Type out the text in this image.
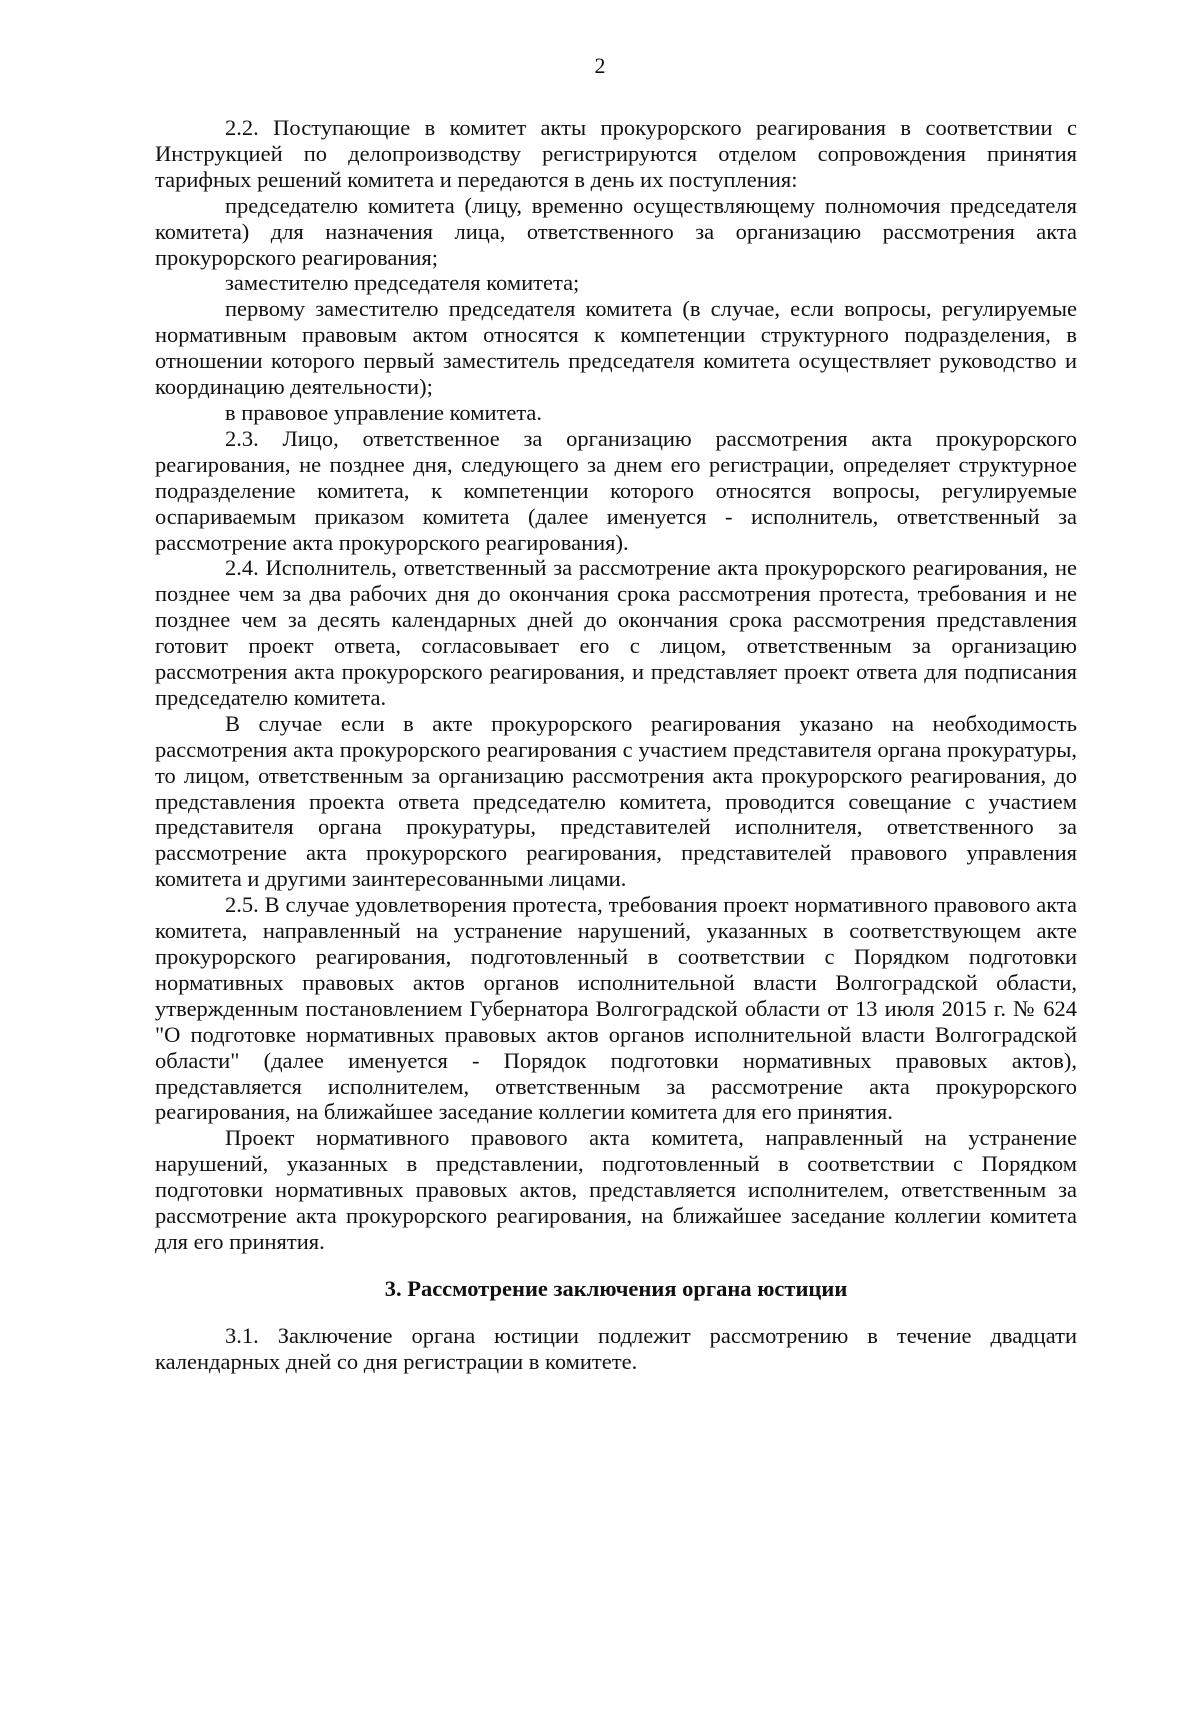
2

2.2. Поступающие в комитет акты прокурорского реагирования в соответствии с Инструкцией по делопроизводству регистрируются отделом сопровождения принятия тарифных решений комитета и передаются в день их поступления:

председателю комитета (лицу, временно осуществляющему полномочия председателя комитета) для назначения лица, ответственного за организацию рассмотрения акта прокурорского реагирования;

заместителю председателя комитета;

первому заместителю председателя комитета (в случае, если вопросы, регулируемые нормативным правовым актом относятся к компетенции структурного подразделения, в отношении которого первый заместитель председателя комитета осуществляет руководство и координацию деятельности);

в правовое управление комитета.

2.3. Лицо, ответственное за организацию рассмотрения акта прокурорского реагирования, не позднее дня, следующего за днем его регистрации, определяет структурное подразделение комитета, к компетенции которого относятся вопросы, регулируемые оспариваемым приказом комитета (далее именуется - исполнитель, ответственный за рассмотрение акта прокурорского реагирования).

2.4. Исполнитель, ответственный за рассмотрение акта прокурорского реагирования, не позднее чем за два рабочих дня до окончания срока рассмотрения протеста, требования и не позднее чем за десять календарных дней до окончания срока рассмотрения представления готовит проект ответа, согласовывает его с лицом, ответственным за организацию рассмотрения акта прокурорского реагирования, и представляет проект ответа для подписания председателю комитета.

В случае если в акте прокурорского реагирования указано на необходимость рассмотрения акта прокурорского реагирования с участием представителя органа прокуратуры, то лицом, ответственным за организацию рассмотрения акта прокурорского реагирования, до представления проекта ответа председателю комитета, проводится совещание с участием представителя органа прокуратуры, представителей исполнителя, ответственного за рассмотрение акта прокурорского реагирования, представителей правового управления комитета и другими заинтересованными лицами.

2.5. В случае удовлетворения протеста, требования проект нормативного правового акта комитета, направленный на устранение нарушений, указанных в соответствующем акте прокурорского реагирования, подготовленный в соответствии с Порядком подготовки нормативных правовых актов органов исполнительной власти Волгоградской области, утвержденным постановлением Губернатора Волгоградской области от 13 июля 2015 г. № 624 "О подготовке нормативных правовых актов органов исполнительной власти Волгоградской области" (далее именуется - Порядок подготовки нормативных правовых актов), представляется исполнителем, ответственным за рассмотрение акта прокурорского реагирования, на ближайшее заседание коллегии комитета для его принятия.

Проект нормативного правового акта комитета, направленный на устранение нарушений, указанных в представлении, подготовленный в соответствии с Порядком подготовки нормативных правовых актов, представляется исполнителем, ответственным за рассмотрение акта прокурорского реагирования, на ближайшее заседание коллегии комитета для его принятия.

3. Рассмотрение заключения органа юстиции

3.1. Заключение органа юстиции подлежит рассмотрению в течение двадцати календарных дней со дня регистрации в комитете.
